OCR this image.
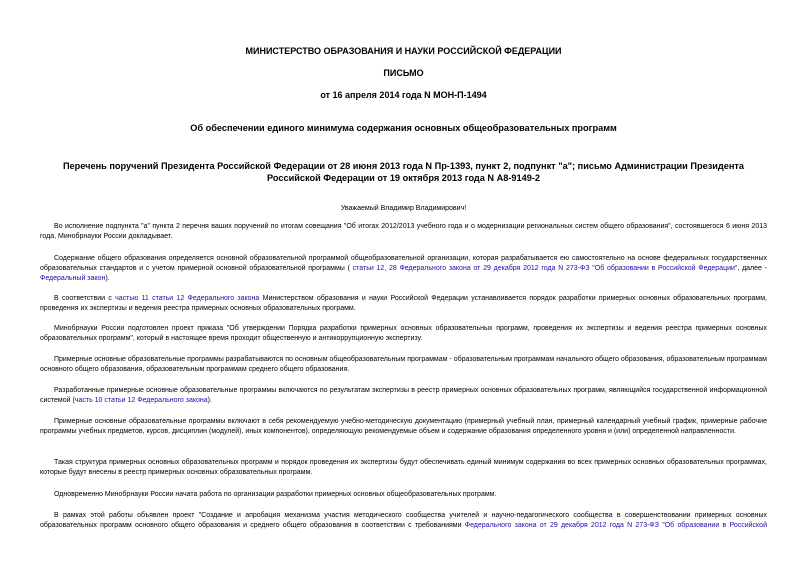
МИНИСТЕРСТВО ОБРАЗОВАНИЯ И НАУКИ РОССИЙСКОЙ ФЕДЕРАЦИИ
ПИСЬМО
от 16 апреля 2014 года N МОН-П-1494
Об обеспечении единого минимума содержания основных общеобразовательных программ
Перечень поручений Президента Российской Федерации от 28 июня 2013 года N Пр-1393, пункт 2, подпункт "а"; письмо Администрации Президента Российской Федерации от 19 октября 2013 года N А8-9149-2
Уважаемый Владимир Владимирович!

Во исполнение подпункта "а" пункта 2 перечня ваших поручений по итогам совещания "Об итогах 2012/2013 учебного года и о модернизации региональных систем общего образования", состоявшегося 6 июня 2013 года, Минобрнауки России докладывает.

Содержание общего образования определяется основной образовательной программой общеобразовательной организации, которая разрабатывается ею самостоятельно на основе федеральных государственных образовательных стандартов и с учетом примерной основной образовательной программы ( статьи 12, 28 Федерального закона от 29 декабря 2012 года N 273-ФЗ "Об образовании в Российской Федерации", далее - Федеральный закон).

В соответствии с частью 11 статьи 12 Федерального закона Министерством образования и науки Российской Федерации устанавливается порядок разработки примерных основных образовательных программ, проведения их экспертизы и ведения реестра примерных основных образовательных программ.

Минобрнауки России подготовлен проект приказа "Об утверждении Порядка разработки примерных основных образовательных программ, проведения их экспертизы и ведения реестра примерных основных образовательных программ", который в настоящее время проходит общественную и антикоррупционную экспертизу.

Примерные основные образовательные программы разрабатываются по основным общеобразовательным программам - образовательным программам начального общего образования, образовательным программам основного общего образования, образовательным программам среднего общего образования.

Разработанные примерные основные образовательные программы включаются по результатам экспертизы в реестр примерных основных образовательных программ, являющийся государственной информационной системой (часть 10 статьи 12 Федерального закона).

Примерные основные образовательные программы включают в себя рекомендуемую учебно-методическую документацию (примерный учебный план, примерный календарный учебный график, примерные рабочие программы учебных предметов, курсов, дисциплин (модулей), иных компонентов), определяющую рекомендуемые объем и содержание образования определенного уровня и (или) определенной направленности.

Такая структура примерных основных образовательных программ и порядок проведения их экспертизы будут обеспечивать единый минимум содержания во всех примерных основных образовательных программах, которые будут внесены в реестр примерных основных образовательных программ.

Одновременно Минобрнауки России начата работа по организации разработки примерных основных общеобразовательных программ.

В рамках этой работы объявлен проект "Создание и апробация механизма участия методического сообщества учителей и научно-педагогического сообщества в совершенствовании примерных основных образовательных программ основного общего образования и среднего общего образования в соответствии с требованиями Федерального закона от 29 декабря 2012 года N 273-ФЗ "Об образовании в Российской
